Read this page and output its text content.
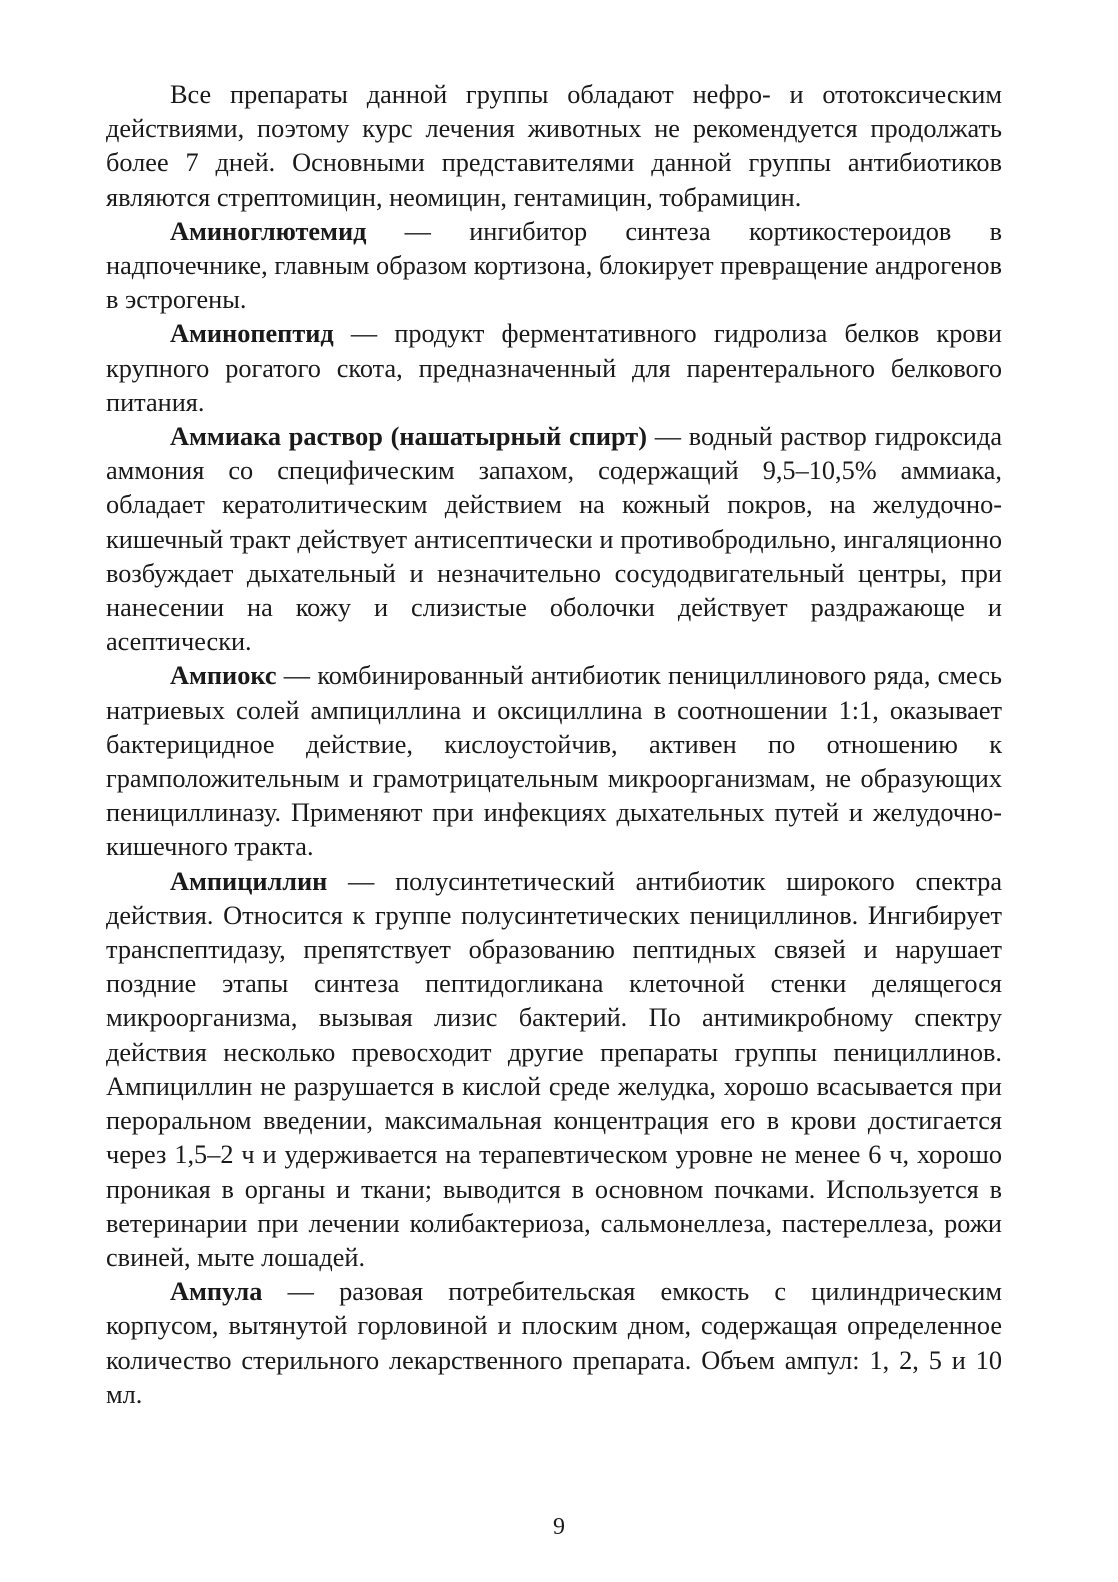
Все препараты данной группы обладают нефро- и ототоксическим действиями, поэтому курс лечения животных не рекомендуется продолжать более 7 дней. Основными представителями данной группы антибиотиков являются стрептомицин, неомицин, гентамицин, тобрамицин.

Аминоглютемид — ингибитор синтеза кортикостероидов в надпочечнике, главным образом кортизона, блокирует превращение андрогенов в эстрогены.

Аминопептид — продукт ферментативного гидролиза белков крови крупного рогатого скота, предназначенный для парентерального белкового питания.

Аммиака раствор (нашатырный спирт) — водный раствор гидроксида аммония со специфическим запахом, содержащий 9,5–10,5% аммиака, обладает кератолитическим действием на кожный покров, на желудочно-кишечный тракт действует антисептически и противобродильно, ингаляционно возбуждает дыхательный и незначительно сосудодвигательный центры, при нанесении на кожу и слизистые оболочки действует раздражающе и асептически.

Ампиокс — комбинированный антибиотик пенициллинового ряда, смесь натриевых солей ампициллина и оксициллина в соотношении 1:1, оказывает бактерицидное действие, кислоустойчив, активен по отношению к грамположительным и грамотрицательным микроорганизмам, не образующих пенициллиназу. Применяют при инфекциях дыхательных путей и желудочно-кишечного тракта.

Ампициллин — полусинтетический антибиотик широкого спектра действия. Относится к группе полусинтетических пенициллинов. Ингибирует транспептидазу, препятствует образованию пептидных связей и нарушает поздние этапы синтеза пептидогликана клеточной стенки делящегося микроорганизма, вызывая лизис бактерий. По антимикробному спектру действия несколько превосходит другие препараты группы пенициллинов. Ампициллин не разрушается в кислой среде желудка, хорошо всасывается при пероральном введении, максимальная концентрация его в крови достигается через 1,5–2 ч и удерживается на терапевтическом уровне не менее 6 ч, хорошо проникая в органы и ткани; выводится в основном почками. Используется в ветеринарии при лечении колибактериоза, сальмонеллеза, пастереллеза, рожи свиней, мыте лошадей.

Ампула — разовая потребительская емкость с цилиндрическим корпусом, вытянутой горловиной и плоским дном, содержащая определенное количество стерильного лекарственного препарата. Объем ампул: 1, 2, 5 и 10 мл.

9
